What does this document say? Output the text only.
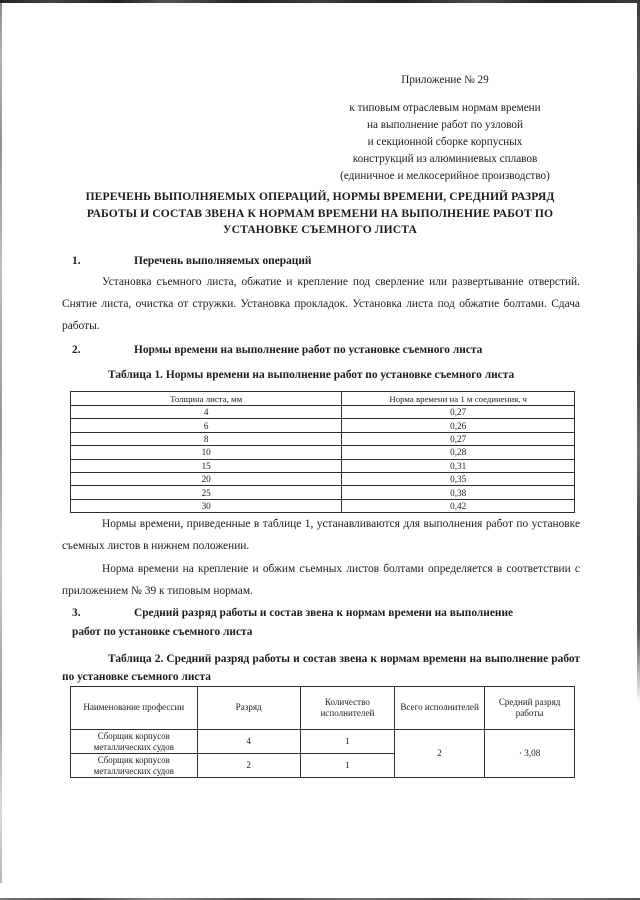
Приложение № 29
к типовым отраслевым нормам времени
на выполнение работ по узловой
и секционной сборке корпусных
конструкций из алюминиевых сплавов
(единичное и мелкосерийное производство)
ПЕРЕЧЕНЬ ВЫПОЛНЯЕМЫХ ОПЕРАЦИЙ, НОРМЫ ВРЕМЕНИ, СРЕДНИЙ РАЗРЯД РАБОТЫ И СОСТАВ ЗВЕНА К НОРМАМ ВРЕМЕНИ НА ВЫПОЛНЕНИЕ РАБОТ ПО УСТАНОВКЕ СЪЕМНОГО ЛИСТА
1.	Перечень выполняемых операций
Установка съемного листа, обжатие и крепление под сверление или развертывание отверстий. Снятие листа, очистка от стружки. Установка прокладок. Установка листа под обжатие болтами. Сдача работы.
2.	Нормы времени на выполнение работ по установке съемного листа
Таблица 1. Нормы времени на выполнение работ по установке съемного листа
Толщина листа, мм	Норма времени на 1 м соединения, ч
4	0,27
6	0,26
8	0,27
10	0,28
15	0,31
20	0,35
25	0,38
30	0,42
Нормы времени, приведенные в таблице 1, устанавливаются для выполнения работ по установке съемных листов в нижнем положении.
Норма времени на крепление и обжим съемных листов болтами определяется в соответствии с приложением № 39 к типовым нормам.
3.	Средний разряд работы и состав звена к нормам времени на выполнение
работ по установке съемного листа
Таблица 2. Средний разряд работы и состав звена к нормам времени на выполнение работ по установке съемного листа
Наименование профессии	Разряд	Количество исполнителей	Всего исполнителей	Средний разряд работы
Сборщик корпусов металлических судов	4	1	2	· 3,08
Сборщик корпусов металлических судов	2	1		
